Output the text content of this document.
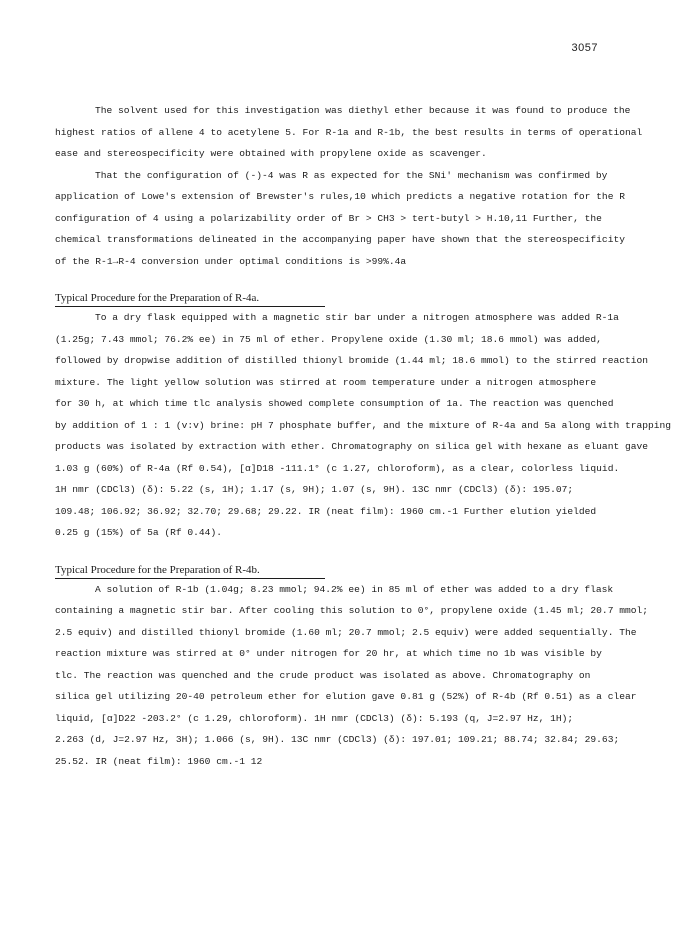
3057

The solvent used for this investigation was diethyl ether because it was found to produce the

highest ratios of allene 4 to acetylene 5. For R-1a and R-1b, the best results in terms of operational

ease and stereospecificity were obtained with propylene oxide as scavenger.

That the configuration of (-)-4 was R as expected for the SNi' mechanism was confirmed by

application of Lowe's extension of Brewster's rules,10 which predicts a negative rotation for the R

configuration of 4 using a polarizability order of Br > CH3 > tert-butyl > H.10,11 Further, the

chemical transformations delineated in the accompanying paper have shown that the stereospecificity

of the R-1→R-4 conversion under optimal conditions is >99%.4a

Typical Procedure for the Preparation of R-4a.

To a dry flask equipped with a magnetic stir bar under a nitrogen atmosphere was added R-1a

(1.25g; 7.43 mmol; 76.2% ee) in 75 ml of ether. Propylene oxide (1.30 ml; 18.6 mmol) was added,

followed by dropwise addition of distilled thionyl bromide (1.44 ml; 18.6 mmol) to the stirred reaction

mixture. The light yellow solution was stirred at room temperature under a nitrogen atmosphere

for 30 h, at which time tlc analysis showed complete consumption of 1a. The reaction was quenched

by addition of 1 : 1 (v:v) brine: pH 7 phosphate buffer, and the mixture of R-4a and 5a along with trapping

products was isolated by extraction with ether. Chromatography on silica gel with hexane as eluant gave

1.03 g (60%) of R-4a (Rf 0.54), [α]D18 -111.1° (c 1.27, chloroform), as a clear, colorless liquid.

1H nmr (CDCl3) (δ): 5.22 (s, 1H); 1.17 (s, 9H); 1.07 (s, 9H). 13C nmr (CDCl3) (δ): 195.07;

109.48; 106.92; 36.92; 32.70; 29.68; 29.22. IR (neat film): 1960 cm.-1 Further elution yielded

0.25 g (15%) of 5a (Rf 0.44).

Typical Procedure for the Preparation of R-4b.

A solution of R-1b (1.04g; 8.23 mmol; 94.2% ee) in 85 ml of ether was added to a dry flask

containing a magnetic stir bar. After cooling this solution to 0°, propylene oxide (1.45 ml; 20.7 mmol;

2.5 equiv) and distilled thionyl bromide (1.60 ml; 20.7 mmol; 2.5 equiv) were added sequentially. The

reaction mixture was stirred at 0° under nitrogen for 20 hr, at which time no 1b was visible by

tlc. The reaction was quenched and the crude product was isolated as above. Chromatography on

silica gel utilizing 20-40 petroleum ether for elution gave 0.81 g (52%) of R-4b (Rf 0.51) as a clear

liquid, [α]D22 -203.2° (c 1.29, chloroform). 1H nmr (CDCl3) (δ): 5.193 (q, J=2.97 Hz, 1H);

2.263 (d, J=2.97 Hz, 3H); 1.066 (s, 9H). 13C nmr (CDCl3) (δ): 197.01; 109.21; 88.74; 32.84; 29.63;

25.52. IR (neat film): 1960 cm.-1 12
